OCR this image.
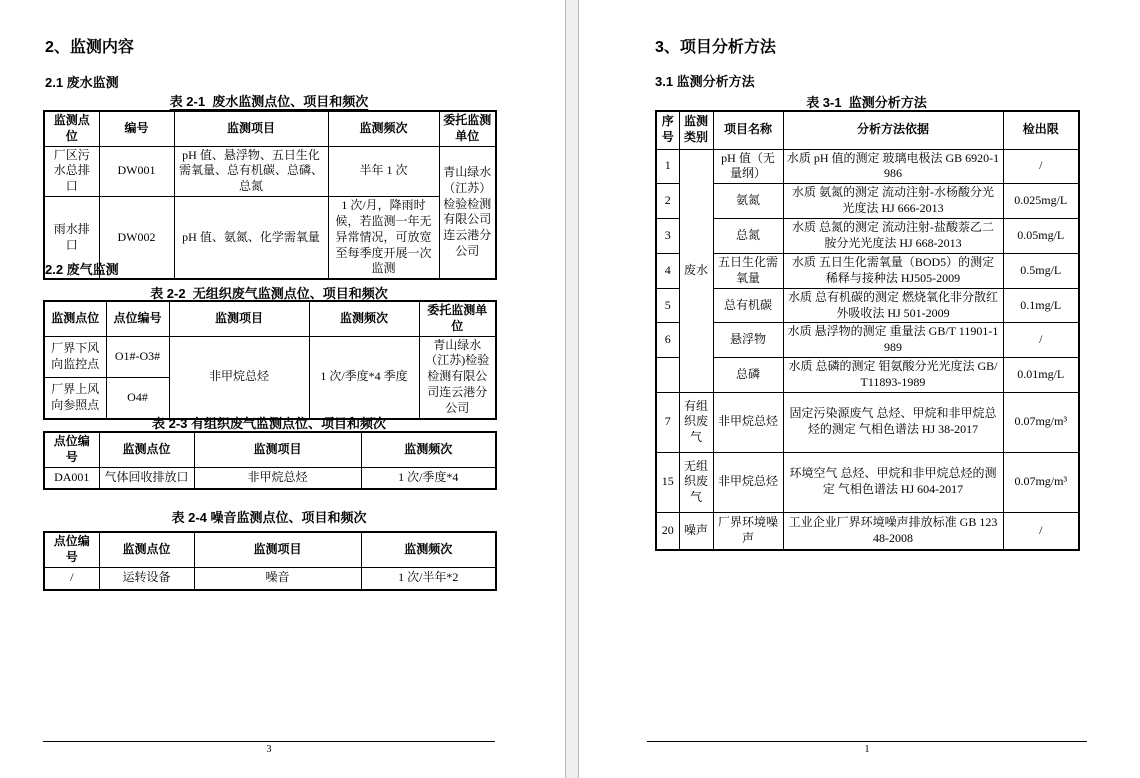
2、监测内容
2.1 废水监测
表 2-1  废水监测点位、项目和频次
监测点位	编号	监测项目	监测频次	委托监测单位
厂区污水总排口	DW001	pH 值、悬浮物、五日生化需氧量、总有机碳、总磷、总氮	半年 1 次	青山绿水（江苏）检验检测有限公司连云港分公司
雨水排口	DW002	pH 值、氨氮、化学需氧量	1 次/月，降雨时候，若监测一年无异常情况，可放宽至每季度开展一次监测	
2.2 废气监测
表 2-2  无组织废气监测点位、项目和频次
监测点位	点位编号	监测项目	监测频次	委托监测单位
厂界下风向监控点	O1#-O3#	非甲烷总烃	1 次/季度*4 季度	青山绿水（江苏)检验检测有限公司连云港分公司
厂界上风向参照点	O4#			
表 2-3 有组织废气监测点位、项目和频次
点位编号	监测点位	监测项目	监测频次
DA001	气体回收排放口	非甲烷总烃	1 次/季度*4
表 2-4 噪音监测点位、项目和频次
点位编号	监测点位	监测项目	监测频次
/	运转设备	噪音	1 次/半年*2
3
3、项目分析方法
3.1 监测分析方法
表 3-1  监测分析方法
序号	监测类别	项目名称	分析方法依据	检出限
1	废水	pH 值（无量纲）	水质 pH 值的测定 玻璃电极法 GB 6920-1986	/
2		氨氮	水质 氨氮的测定 流动注射-水杨酸分光光度法 HJ 666-2013	0.025mg/L
3		总氮	水质 总氮的测定 流动注射-盐酸萘乙二胺分光光度法 HJ 668-2013	0.05mg/L
4		五日生化需氧量	水质 五日生化需氧量（BOD5）的测定 稀释与接种法 HJ505-2009	0.5mg/L
5		总有机碳	水质 总有机碳的测定 燃烧氧化非分散红外吸收法 HJ 501-2009	0.1mg/L
6		悬浮物	水质 悬浮物的测定 重量法 GB/T 11901-1989	/
		总磷	水质 总磷的测定 钼氨酸分光光度法 GB/T11893-1989	0.01mg/L
7	有组织废气	非甲烷总烃	固定污染源废气 总烃、甲烷和非甲烷总烃的测定 气相色谱法 HJ 38-2017	0.07mg/m³
15	无组织废气	非甲烷总烃	环境空气 总烃、甲烷和非甲烷总烃的测定 气相色谱法 HJ 604-2017	0.07mg/m³
20	噪声	厂界环境噪声	工业企业厂界环境噪声排放标准 GB 12348-2008	/
1
